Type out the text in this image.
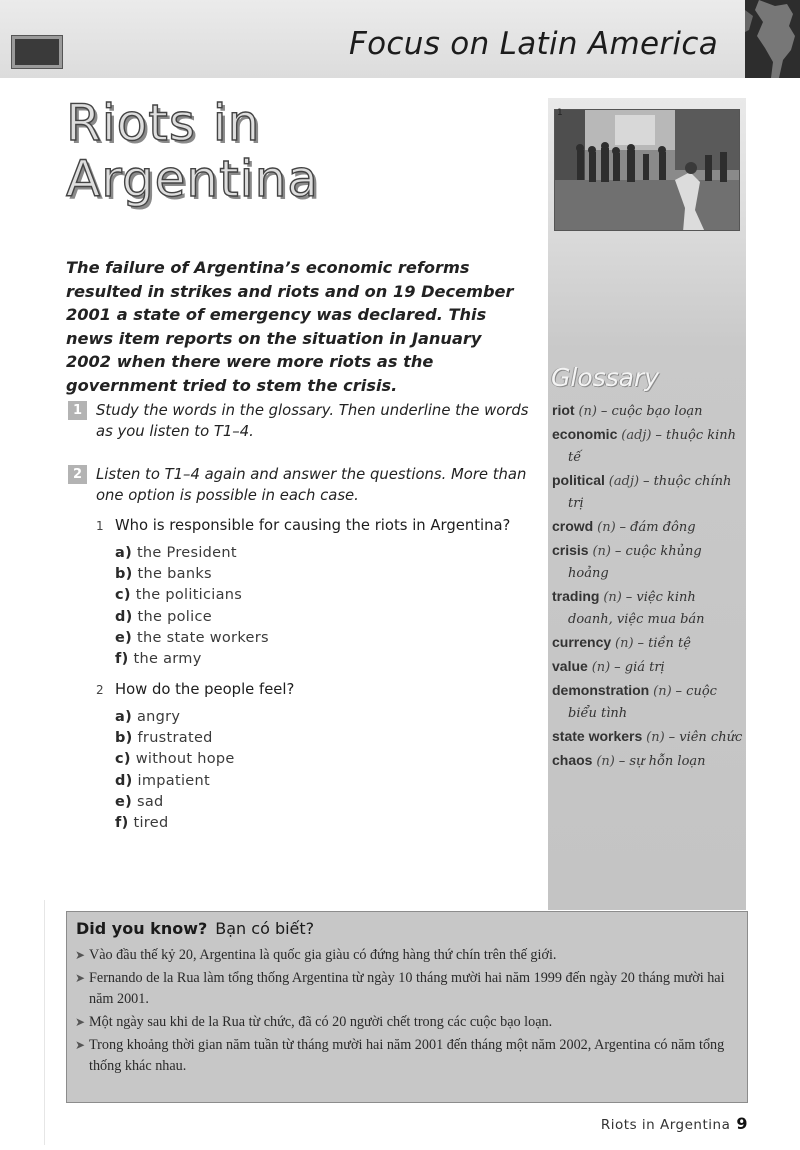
Focus on Latin America
1
Glossary
riot (n) – cuộc bạo loạn
economic (adj) – thuộc kinh tế
political (adj) – thuộc chính trị
crowd (n) – đám đông
crisis (n) – cuộc khủng hoảng
trading (n) – việc kinh doanh, việc mua bán
currency (n) – tiền tệ
value (n) – giá trị
demonstration (n) – cuộc biểu tình
state workers (n) – viên chức
chaos (n) – sự hỗn loạn
Riots in
Argentina

The failure of Argentina’s economic reforms resulted in strikes and riots and on 19 December 2001 a state of emergency was declared. This news item reports on the situation in January 2002 when there were more riots as the government tried to stem the crisis.

1 Study the words in the glossary. Then underline the words as you listen to T1–4.
2 Listen to T1–4 again and answer the questions. More than one option is possible in each case.
1 Who is responsible for causing the riots in Argentina?
a) the President
b) the banks
c) the politicians
d) the police
e) the state workers
f) the army
2 How do the people feel?
a) angry
b) frustrated
c) without hope
d) impatient
e) sad
f) tired
Did you know? Bạn có biết?
➤ Vào đầu thế kỷ 20, Argentina là quốc gia giàu có đứng hàng thứ chín trên thế giới.
➤ Fernando de la Rua làm tổng thống Argentina từ ngày 10 tháng mười hai năm 1999 đến ngày 20 tháng mười hai năm 2001.
➤ Một ngày sau khi de la Rua từ chức, đã có 20 người chết trong các cuộc bạo loạn.
➤ Trong khoảng thời gian năm tuần từ tháng mười hai năm 2001 đến tháng một năm 2002, Argentina có năm tổng thống khác nhau.
Riots in Argentina 9
